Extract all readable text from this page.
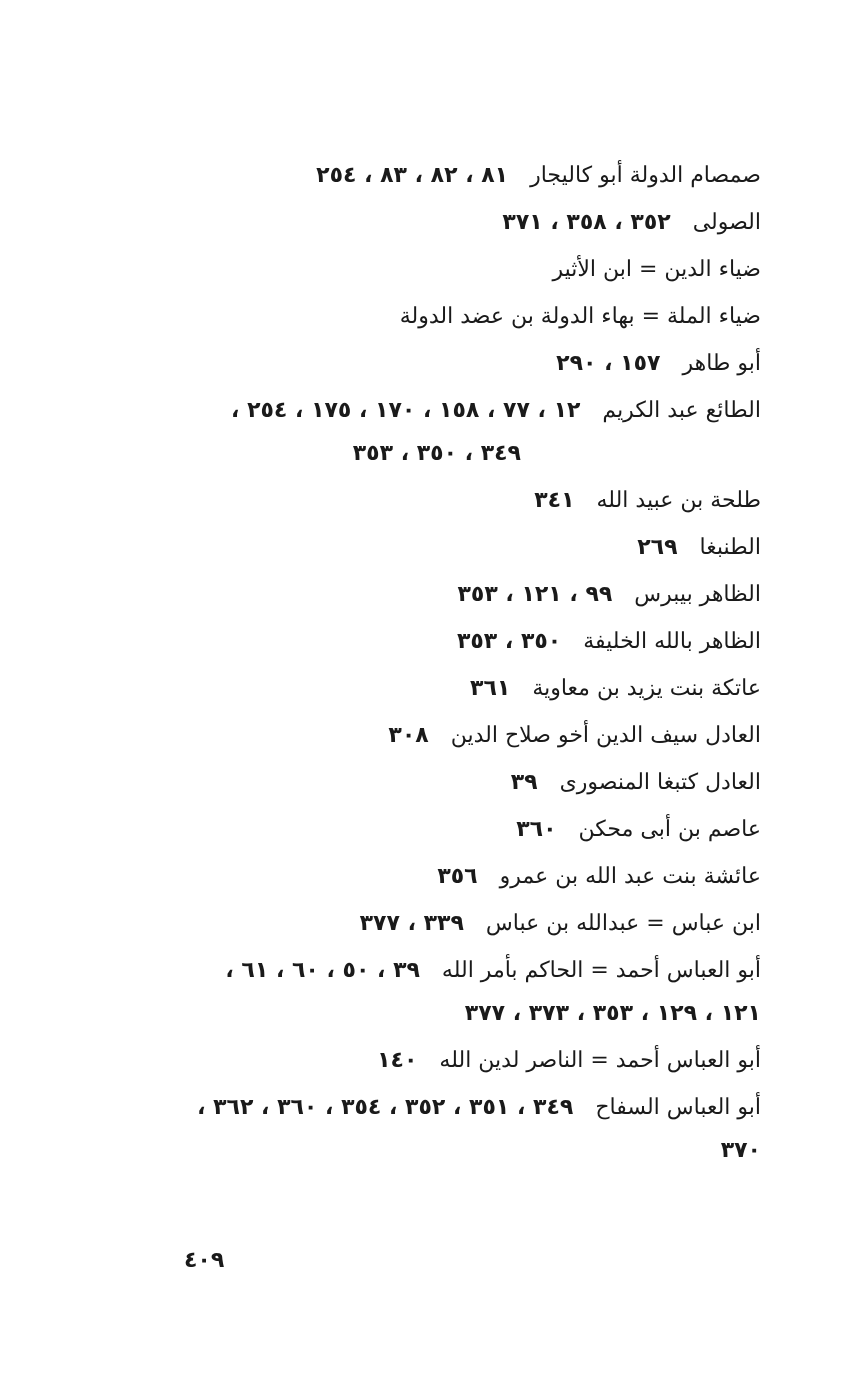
صمصام الدولة أبو كاليجار٨١ ، ٨٢ ، ٨٣ ، ٢٥٤
الصولى٣٥٢ ، ٣٥٨ ، ٣٧١
ضياء الدين = ابن الأثير
ضياء الملة = بهاء الدولة بن عضد الدولة
أبو طاهر١٥٧ ، ٢٩٠
الطائع عبد الكريم١٢ ، ٧٧ ، ١٥٨ ، ١٧٠ ، ١٧٥ ، ٢٥٤ ،
٣٤٩ ، ٣٥٠ ، ٣٥٣
طلحة بن عبيد الله٣٤١
الطنبغا٢٦٩
الظاهر بيبرس٩٩ ، ١٢١ ، ٣٥٣
الظاهر بالله الخليفة٣٥٠ ، ٣٥٣
عاتكة بنت يزيد بن معاوية٣٦١
العادل سيف الدين أخو صلاح الدين٣٠٨
العادل كتبغا المنصورى٣٩
عاصم بن أبى محكن٣٦٠
عائشة بنت عبد الله بن عمرو٣٥٦
ابن عباس = عبدالله بن عباس٣٣٩ ، ٣٧٧
أبو العباس أحمد = الحاكم بأمر الله٣٩ ، ٥٠ ، ٦٠ ، ٦١ ،
١٢١ ، ١٢٩ ، ٣٥٣ ، ٣٧٣ ، ٣٧٧
أبو العباس أحمد = الناصر لدين الله١٤٠
أبو العباس السفاح٣٤٩ ، ٣٥١ ، ٣٥٢ ، ٣٥٤ ، ٣٦٠ ، ٣٦٢ ،
٣٧٠
٤٠٩
